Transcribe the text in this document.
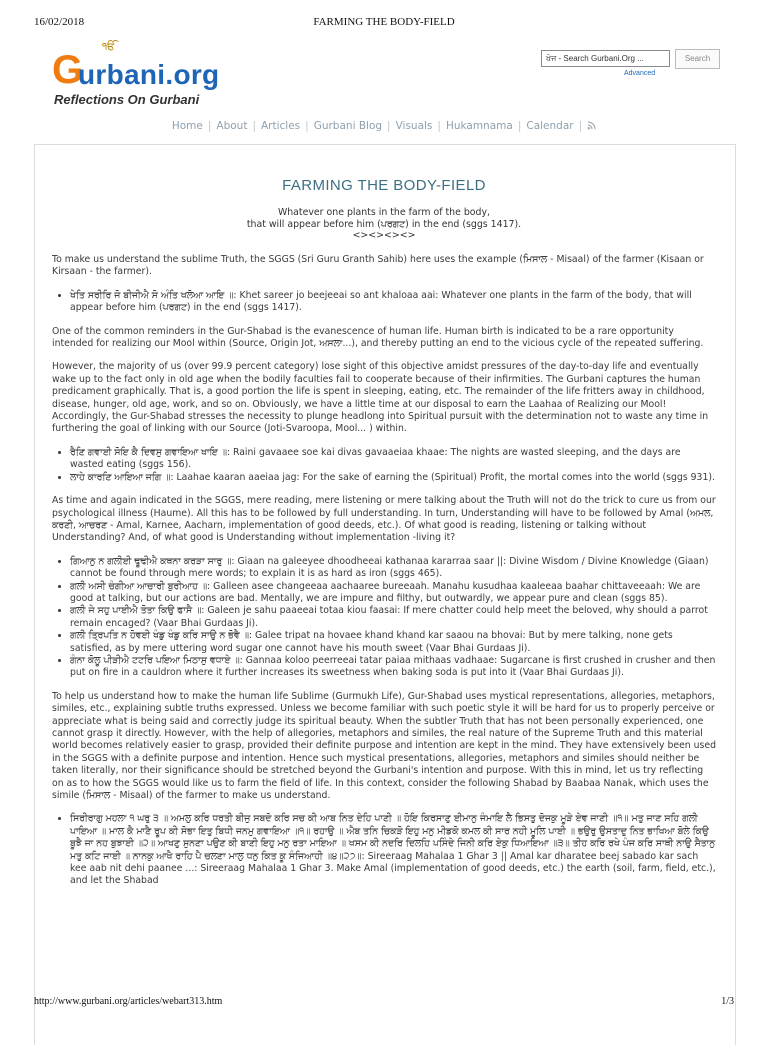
16/02/2018	FARMING THE BODY-FIELD
ੴ
G
urbani.org
Reflections On Gurbani
ਖੋਜ - Search Gurbani.Org ...	Search
Advanced
Home | About | Articles | Gurbani Blog | Visuals | Hukamnama | Calendar |
FARMING THE BODY-FIELD
Whatever one plants in the farm of the body,
that will appear before him (ਪਰਗਟ) in the end (sggs 1417).
<><><><>

To make us understand the sublime Truth, the SGGS (Sri Guru Granth Sahib) here uses the example (ਮਿਸਾਲ - Misaal) of the farmer (Kisaan or Kirsaan - the farmer).

• ਖੇਤਿ ਸਰੀਰਿ ਜੋ ਬੀਜੀਐ ਸੋ ਅੰਤਿ ਖਲੋਆ ਆਇ ॥: Khet sareer jo beejeeai so ant khaloaa aai: Whatever one plants in the farm of the body, that will appear before him (ਪਰਗਟ) in the end (sggs 1417).

One of the common reminders in the Gur-Shabad is the evanescence of human life. Human birth is indicated to be a rare opportunity intended for realizing our Mool within (Source, Origin Jot, ਅਸਲਾ...), and thereby putting an end to the vicious cycle of the repeated suffering.

However, the majority of us (over 99.9 percent category) lose sight of this objective amidst pressures of the day-to-day life and eventually wake up to the fact only in old age when the bodily faculties fail to cooperate because of their infirmities. The Gurbani captures the human predicament graphically. That is, a good portion the life is spent in sleeping, eating, etc. The remainder of the life fritters away in childhood, disease, hunger, old age, work, and so on. Obviously, we have a little time at our disposal to earn the Laahaa of Realizing our Mool! Accordingly, the Gur-Shabad stresses the necessity to plunge headlong into Spiritual pursuit with the determination not to waste any time in furthering the goal of linking with our Source (Joti-Svaroopa, Mool... ) within.

• ਰੈਣਿ ਗਵਾਈ ਸੋਇ ਕੈ ਦਿਵਸੁ ਗਵਾਇਆ ਖਾਇ ॥: Raini gavaaee soe kai divas gavaaeiaa khaae: The nights are wasted sleeping, and the days are wasted eating (sggs 156).
• ਲਾਹੇ ਕਾਰਣਿ ਆਇਆ ਜਗਿ ॥: Laahae kaaran aaeiaa jag: For the sake of earning the (Spiritual) Profit, the mortal comes into the world (sggs 931).

As time and again indicated in the SGGS, mere reading, mere listening or mere talking about the Truth will not do the trick to cure us from our psychological illness (Haume). All this has to be followed by full understanding. In turn, Understanding will have to be followed by Amal (ਅਮਲ, ਕਰਣੀ, ਆਚਰਣ - Amal, Karnee, Aacharn, implementation of good deeds, etc.). Of what good is reading, listening or talking without Understanding? And, of what good is Understanding without implementation -living it?

• ਗਿਆਨੁ ਨ ਗਲੀਈ ਢੂਢੀਐ ਕਥਨਾ ਕਰੜਾ ਸਾਰੁ ॥: Giaan na galeeyee dhoodheeai kathanaa kararraa saar ||: Divine Wisdom / Divine Knowledge (Giaan) cannot be found through mere words; to explain it is as hard as iron (sggs 465).
• ਗਲੀ ਅਸੀ ਚੰਗੀਆ ਆਚਾਰੀ ਬੁਰੀਆਹ ॥: Galleen asee changeeaa aachaaree bureeaah. Manahu kusudhaa kaaleeaa baahar chittaveeaah: We are good at talking, but our actions are bad. Mentally, we are impure and filthy, but outwardly, we appear pure and clean (sggs 85).
• ਗਲੀ ਜੇ ਸਹੁ ਪਾਈਐ ਤੋਤਾ ਕਿਉ ਫਾਸੈ ॥: Galeen je sahu paaeeai totaa kiou faasai: If mere chatter could help meet the beloved, why should a parrot remain encaged? (Vaar Bhai Gurdaas Ji).
• ਗਲੀ ਤ੍ਰਿਪਤਿ ਨ ਹੋਵਈ ਖੰਡੁ ਖੰਡੁ ਕਰਿ ਸਾਉ ਨ ਭੋਵੈ ॥: Galee tripat na hovaee khand khand kar saaou na bhovai: But by mere talking, none gets satisfied, as by mere uttering word sugar one cannot have his mouth sweet (Vaar Bhai Gurdaas Ji).
• ਗੰਨਾ ਕੋਲੂ ਪੀੜੀਐ ਟਟਰਿ ਪਇਆ ਮਿਠਾਸੁ ਵਧਾਏ ॥: Gannaa koloo peerreeai tatar paiaa mithaas vadhaae: Sugarcane is first crushed in crusher and then put on fire in a cauldron where it further increases its sweetness when baking soda is put into it (Vaar Bhai Gurdaas Ji).

To help us understand how to make the human life Sublime (Gurmukh Life), Gur-Shabad uses mystical representations, allegories, metaphors, similes, etc., explaining subtle truths expressed. Unless we become familiar with such poetic style it will be hard for us to properly perceive or appreciate what is being said and correctly judge its spiritual beauty. When the subtler Truth that has not been personally experienced, one cannot grasp it directly. However, with the help of allegories, metaphors and similes, the real nature of the Supreme Truth and this material world becomes relatively easier to grasp, provided their definite purpose and intention are kept in the mind. They have extensively been used in the SGGS with a definite purpose and intention. Hence such mystical presentations, allegories, metaphors and similes should neither be taken literally, nor their significance should be stretched beyond the Gurbani's intention and purpose. With this in mind, let us try reflecting on as to how the SGGS would like us to farm the field of life. In this context, consider the following Shabad by Baabaa Nanak, which uses the simile (ਮਿਸਾਲ - Misaal) of the farmer to make us understand.

• ਸਿਰੀਰਾਗੁ ਮਹਲਾ ੧ ਘਰੁ ੩ ॥ ਅਮਲੁ ਕਰਿ ਧਰਤੀ ਬੀਜੁ ਸਬਦੋ ਕਰਿ ਸਚ ਕੀ ਆਬ ਨਿਤ ਦੇਹਿ ਪਾਣੀ ॥ ਹੋਇ ਕਿਰਸਾਣੁ ਈਮਾਨੁ ਜੰਮਾਇ ਲੈ ਭਿਸਤੁ ਦੋਜਕੁ ਮੂੜੇ ਏਵ ਜਾਣੀ ॥੧॥ ਮਤੁ ਜਾਣ ਸਹਿ ਗਲੀ ਪਾਇਆ ॥ ਮਾਲ ਕੈ ਮਾਣੈ ਰੂਪ ਕੀ ਸੋਭਾ ਇਤੁ ਬਿਧੀ ਜਨਮੁ ਗਵਾਇਆ ॥੧॥ ਰਹਾਉ ॥ ਐਬ ਤਨਿ ਚਿਕੜੋ ਇਹੁ ਮਨੁ ਮੀਡਕੋ ਕਮਲ ਕੀ ਸਾਰ ਨਹੀ ਮੂਲਿ ਪਾਈ ॥ ਭਉਰੁ ਉਸਤਾਦੁ ਨਿਤ ਭਾਖਿਆ ਬੋਲੇ ਕਿਉ ਬੂਝੈ ਜਾ ਨਹ ਬੁਝਾਈ ॥੨॥ ਆਖਣੁ ਸੁਨਣਾ ਪਉਣ ਕੀ ਬਾਣੀ ਇਹੁ ਮਨੁ ਰਤਾ ਮਾਇਆ ॥ ਖਸਮ ਕੀ ਨਦਰਿ ਦਿਲਹਿ ਪਸਿੰਦੇ ਜਿਨੀ ਕਰਿ ਏਕੁ ਧਿਆਇਆ ॥੩॥ ਤੀਹ ਕਰਿ ਰਖੇ ਪੰਜ ਕਰਿ ਸਾਥੀ ਨਾਉ ਸੈਤਾਨੁ ਮਤੁ ਕਟਿ ਜਾਈ ॥ ਨਾਨਕੁ ਆਖੈ ਰਾਹਿ ਪੈ ਚਲਣਾ ਮਾਲੁ ਧਨੁ ਕਿਤ ਕੂ ਸੰਜਿਆਹੀ ॥੪॥੨੭॥: Sireeraag Mahalaa 1 Ghar 3 || Amal kar dharatee beej sabado kar sach kee aab nit dehi paanee ...: Sireeraag Mahalaa 1 Ghar 3. Make Amal (implementation of good deeds, etc.) the earth (soil, farm, field, etc.), and let the Shabad
http://www.gurbani.org/articles/webart313.htm	1/3
